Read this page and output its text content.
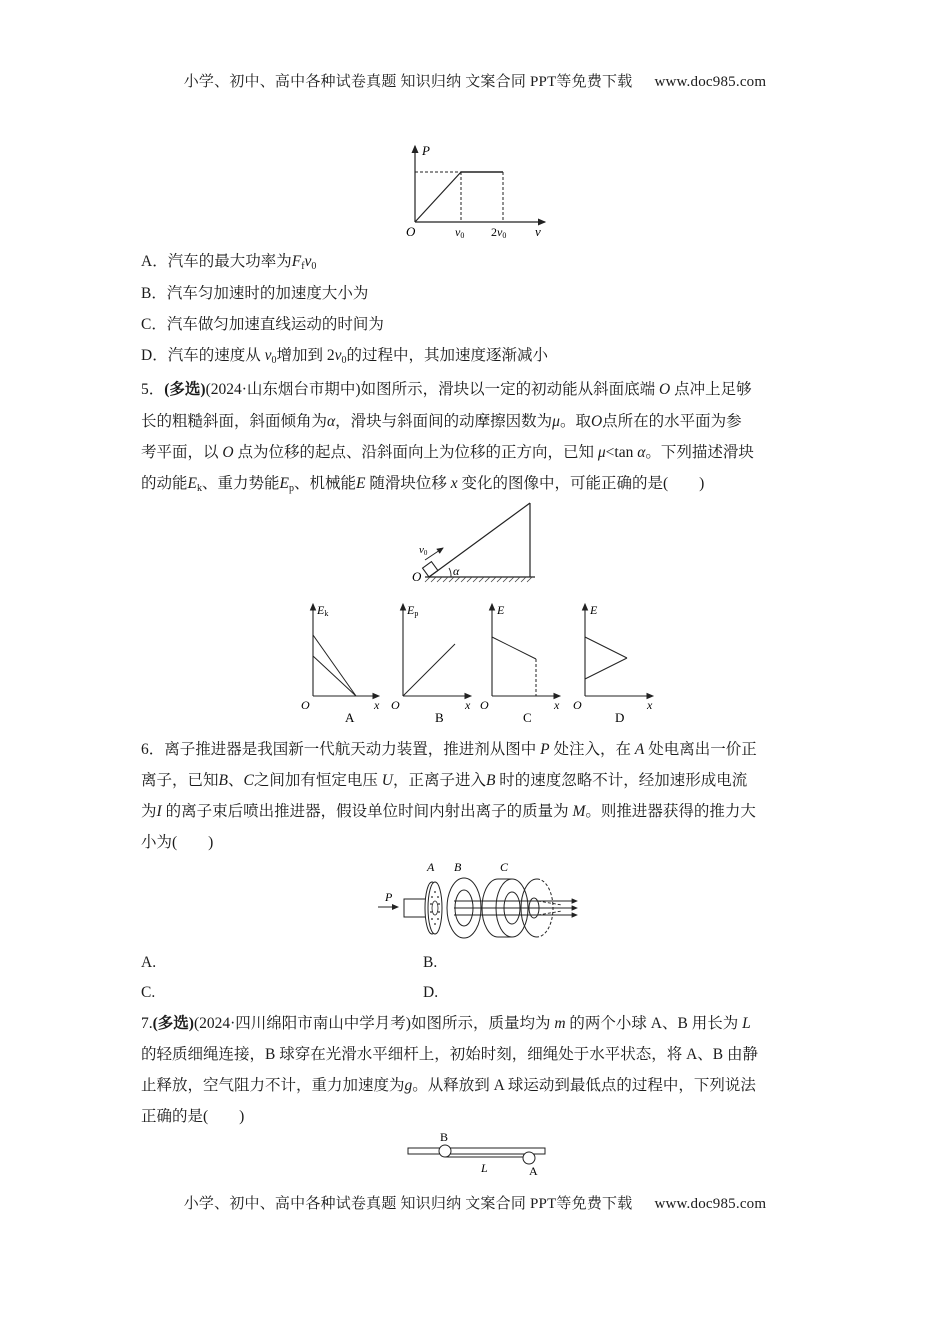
小学、初中、高中各种试卷真题 知识归纳 文案合同 PPT等免费下载 www.doc985.com
P
O	v0 2v0 v
A．汽车的最大功率为$F_fv_0$
B．汽车匀加速时的加速度大小为
C．汽车做匀加速直线运动的时间为
D．汽车的速度从 $v_0$增加到 $2v_0$的过程中，其加速度逐渐减小
5．(多选)(2024·山东烟台市期中)如图所示，滑块以一定的初动能从斜面底端 O 点冲上足够
长的粗糙斜面，斜面倾角为α，滑块与斜面间的动摩擦因数为μ。取O点所在的水平面为参
考平面，以 O 点为位移的起点、沿斜面向上为位移的正方向，已知 μ<tan α。下列描述滑块
的动能$E_k$、重力势能$E_p$、机械能E 随滑块位移 x 变化的图像中，可能正确的是(　　)
v0
O	α
Ek
O	x
A
Ep
O	x
B
E
O	x
C
E
O	x
D
6．离子推进器是我国新一代航天动力装置，推进剂从图中 P 处注入，在 A 处电离出一价正
离子，已知B、C之间加有恒定电压 U，正离子进入B 时的速度忽略不计，经加速形成电流
为I 的离子束后喷出推进器，假设单位时间内射出离子的质量为 M。则推进器获得的推力大
小为(　　)
P
A B	C
A.	B.
C.	D.
7.(多选)(2024·四川绵阳市南山中学月考)如图所示，质量均为 m 的两个小球 A、B 用长为 L
的轻质细绳连接，B 球穿在光滑水平细杆上，初始时刻，细绳处于水平状态，将 A、B 由静
止释放，空气阻力不计，重力加速度为g。从释放到 A 球运动到最低点的过程中，下列说法
正确的是(　　)
B
A
L
小学、初中、高中各种试卷真题 知识归纳 文案合同 PPT等免费下载 www.doc985.com
